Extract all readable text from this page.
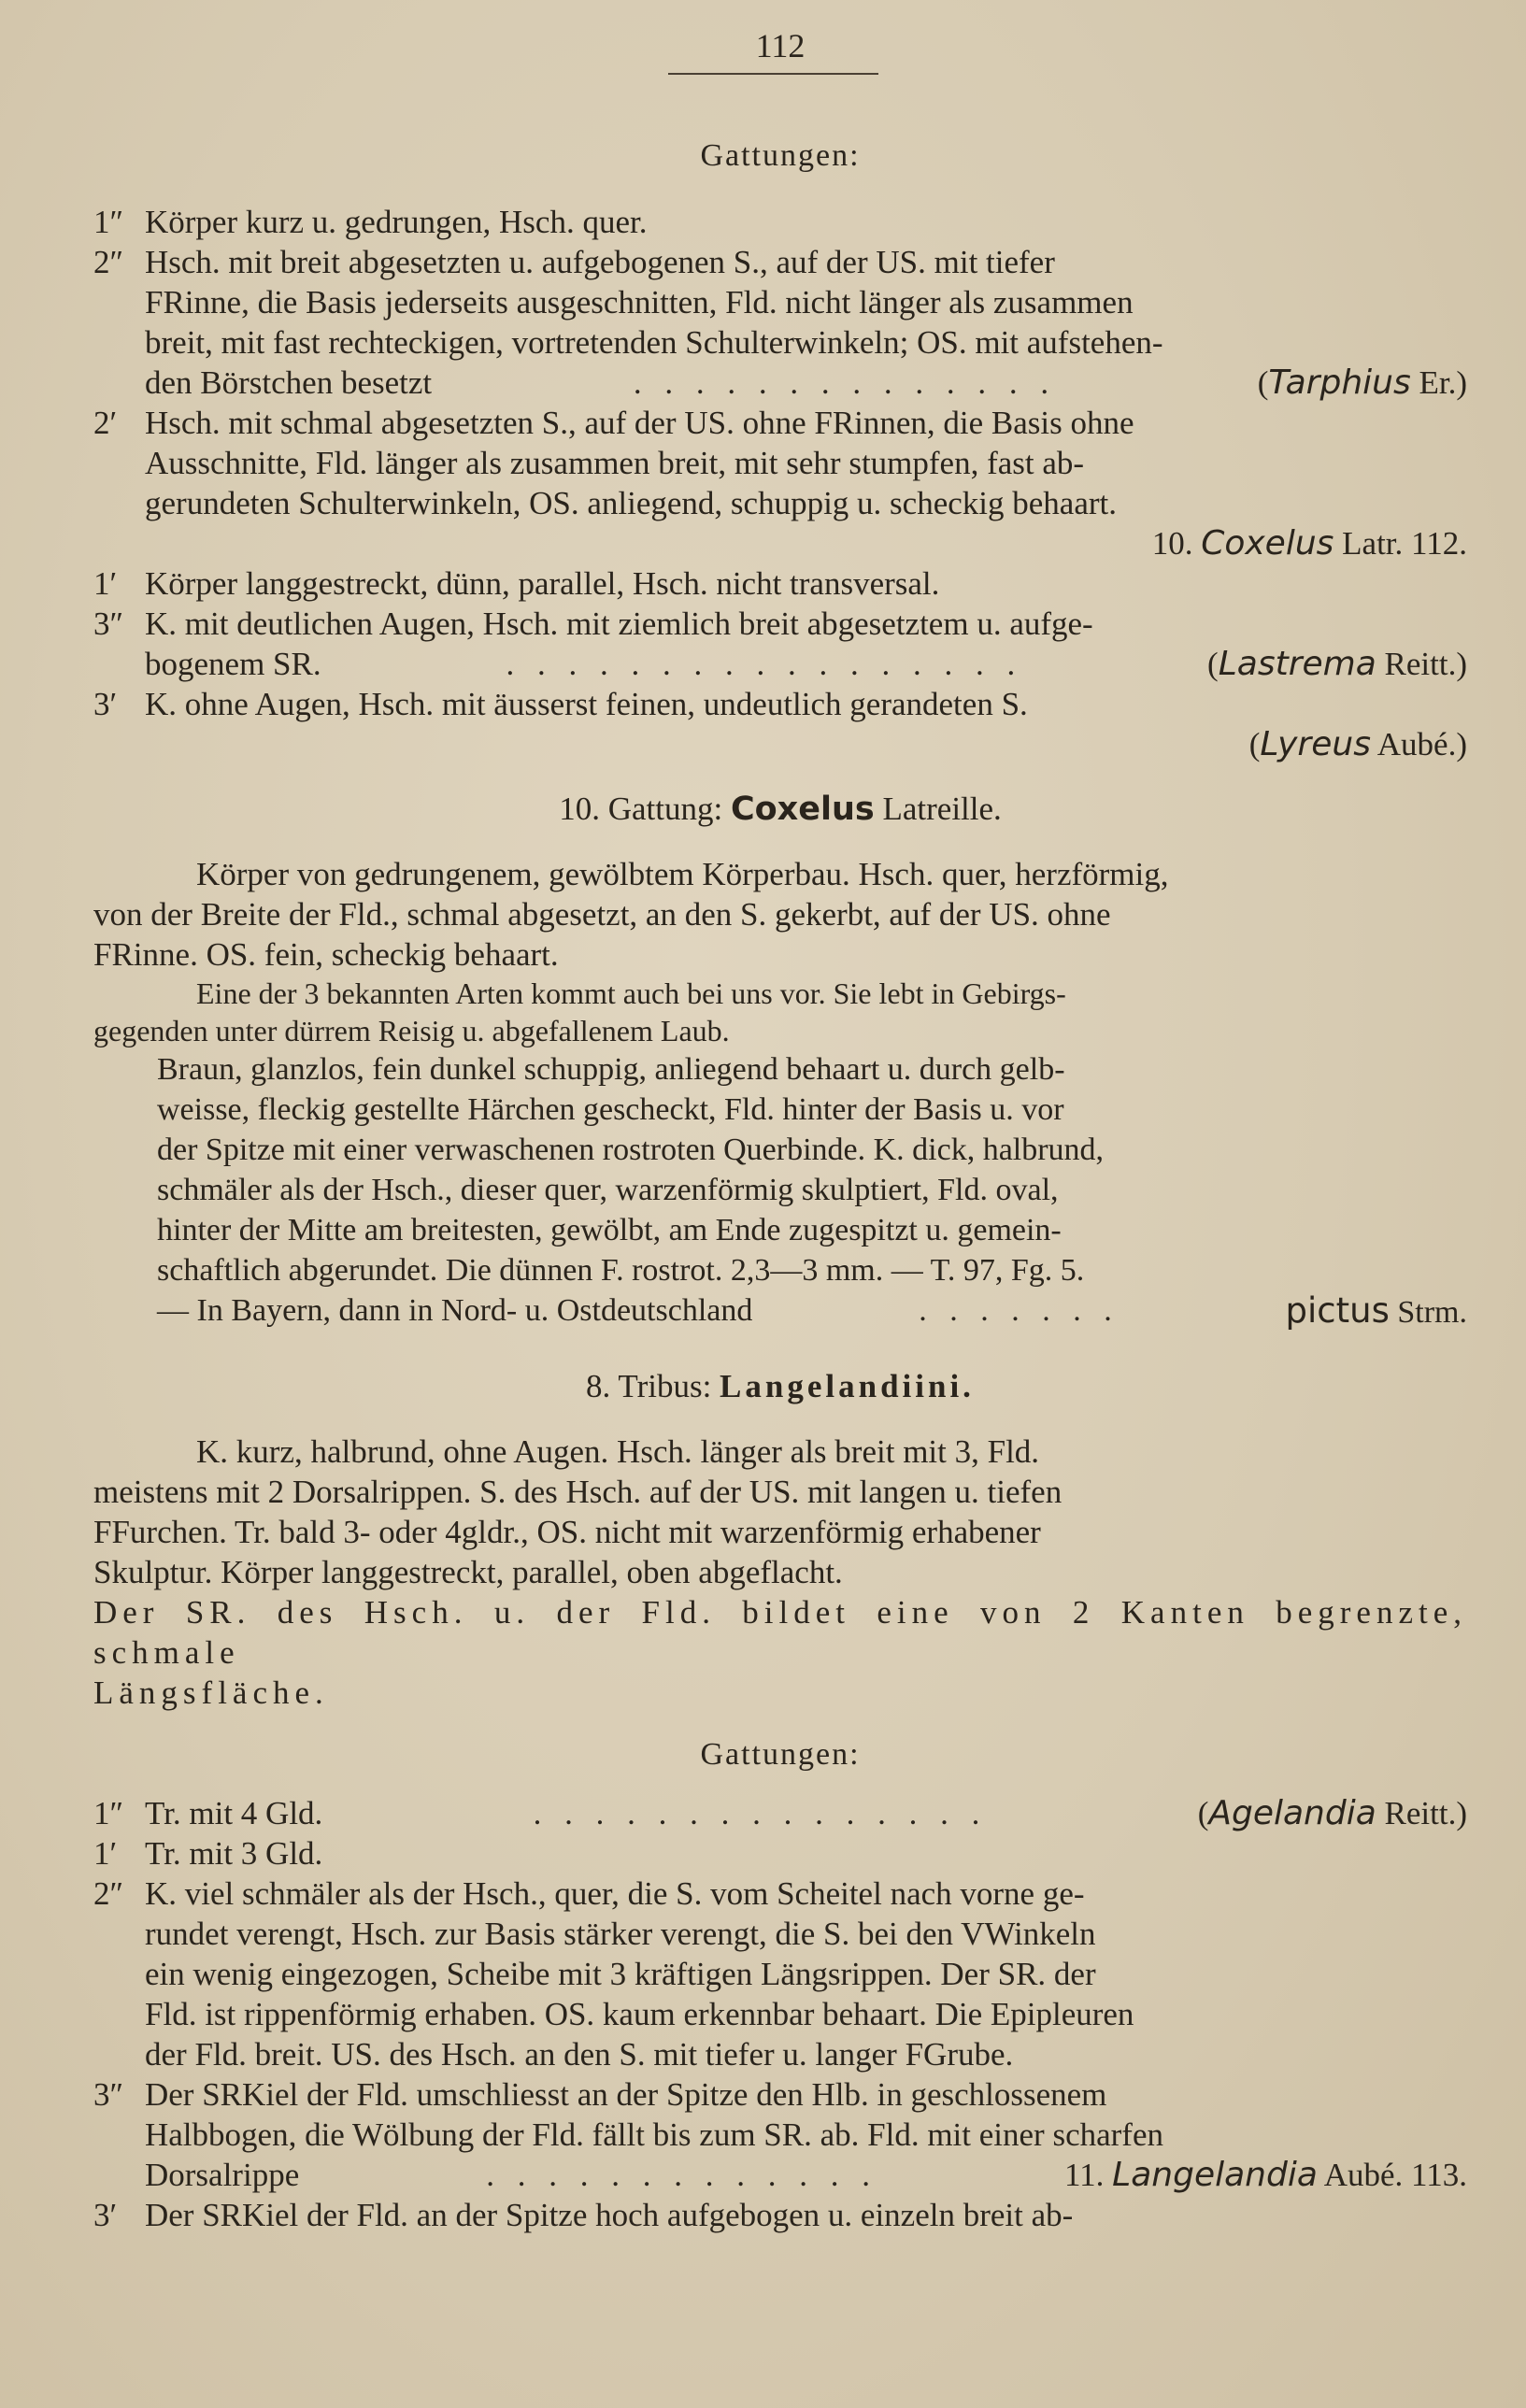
112
Gattungen:
1″ Körper kurz u. gedrungen, Hsch. quer.
2″ Hsch. mit breit abgesetzten u. aufgebogenen S., auf der US. mit tiefer
FRinne, die Basis jederseits ausgeschnitten, Fld. nicht länger als zusammen
breit, mit fast rechteckigen, vortretenden Schulterwinkeln; OS. mit aufstehen-
den Börstchen besetzt	. . . . . . . . . . . . . .	(Tarphius Er.)
2′ Hsch. mit schmal abgesetzten S., auf der US. ohne FRinnen, die Basis ohne
Ausschnitte, Fld. länger als zusammen breit, mit sehr stumpfen, fast ab-
gerundeten Schulterwinkeln, OS. anliegend, schuppig u. scheckig behaart.
10. Coxelus Latr. 112.
1′ Körper langgestreckt, dünn, parallel, Hsch. nicht transversal.
3″ K. mit deutlichen Augen, Hsch. mit ziemlich breit abgesetztem u. aufge-
bogenem SR.	. . . . . . . . . . . . . . . . .	(Lastrema Reitt.)
3′ K. ohne Augen, Hsch. mit äusserst feinen, undeutlich gerandeten S.
(Lyreus Aubé.)
10. Gattung: Coxelus Latreille.
Körper von gedrungenem, gewölbtem Körperbau. Hsch. quer, herzförmig,
von der Breite der Fld., schmal abgesetzt, an den S. gekerbt, auf der US. ohne
FRinne. OS. fein, scheckig behaart.
Eine der 3 bekannten Arten kommt auch bei uns vor. Sie lebt in Gebirgs-
gegenden unter dürrem Reisig u. abgefallenem Laub.
Braun, glanzlos, fein dunkel schuppig, anliegend behaart u. durch gelb-
weisse, fleckig gestellte Härchen gescheckt, Fld. hinter der Basis u. vor
der Spitze mit einer verwaschenen rostroten Querbinde. K. dick, halbrund,
schmäler als der Hsch., dieser quer, warzenförmig skulptiert, Fld. oval,
hinter der Mitte am breitesten, gewölbt, am Ende zugespitzt u. gemein-
schaftlich abgerundet. Die dünnen F. rostrot. 2,3—3 mm. — T. 97, Fg. 5.
— In Bayern, dann in Nord- u. Ostdeutschland	. . . . . . .	pictus Strm.
8. Tribus: Langelandiini.
K. kurz, halbrund, ohne Augen. Hsch. länger als breit mit 3, Fld.
meistens mit 2 Dorsalrippen. S. des Hsch. auf der US. mit langen u. tiefen
FFurchen. Tr. bald 3- oder 4gldr., OS. nicht mit warzenförmig erhabener
Skulptur. Körper langgestreckt, parallel, oben abgeflacht.
Der SR. des Hsch. u. der Fld. bildet eine von 2 Kanten begrenzte, schmale
Längsfläche.
Gattungen:
1″ Tr. mit 4 Gld.	. . . . . . . . . . . . . . .	(Agelandia Reitt.)
1′ Tr. mit 3 Gld.
2″ K. viel schmäler als der Hsch., quer, die S. vom Scheitel nach vorne ge-
rundet verengt, Hsch. zur Basis stärker verengt, die S. bei den VWinkeln
ein wenig eingezogen, Scheibe mit 3 kräftigen Längsrippen. Der SR. der
Fld. ist rippenförmig erhaben. OS. kaum erkennbar behaart. Die Epipleuren
der Fld. breit. US. des Hsch. an den S. mit tiefer u. langer FGrube.
3″ Der SRKiel der Fld. umschliesst an der Spitze den Hlb. in geschlossenem
Halbbogen, die Wölbung der Fld. fällt bis zum SR. ab. Fld. mit einer scharfen
Dorsalrippe	. . . . . . . . . . . . .	11. Langelandia Aubé. 113.
3′ Der SRKiel der Fld. an der Spitze hoch aufgebogen u. einzeln breit ab-
